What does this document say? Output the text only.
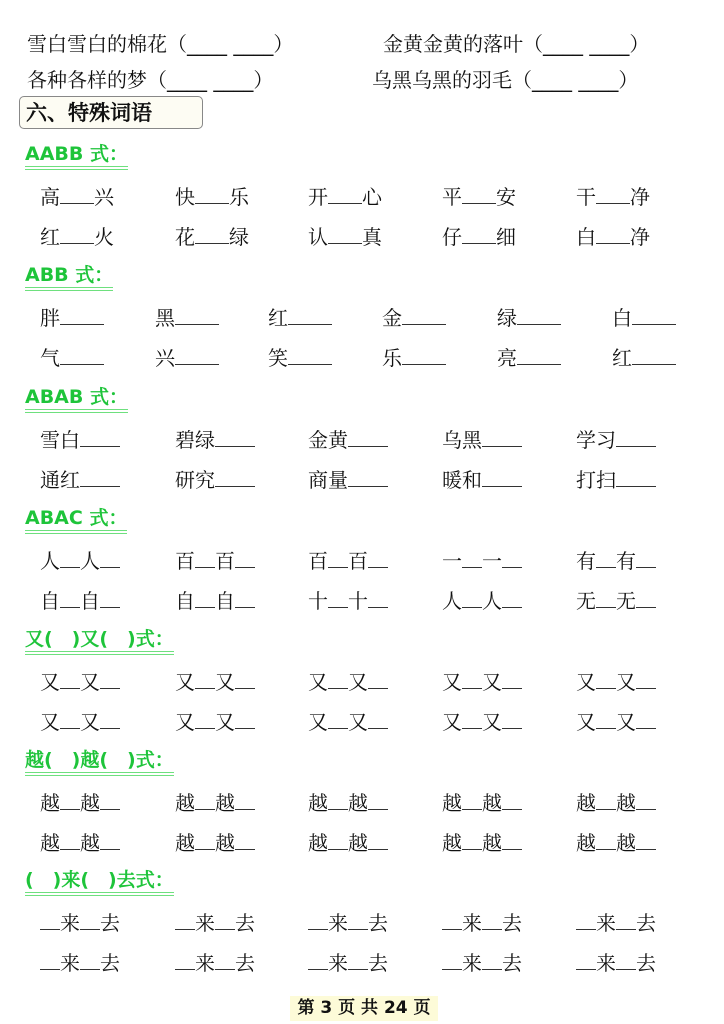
雪白雪白的棉花（____ ____）	金黄金黄的落叶（____ ____）
各种各样的梦（____ ____）	乌黑乌黑的羽毛（____ ____）
六、特殊词语
AABB 式：
高 兴	快 乐	开 心	平 安	干 净
红 火	花 绿	认 真	仔 细	白 净
ABB 式：
胖	黑	红	金	绿	白
气	兴	笑	乐	亮	红
ABAB 式：
雪白	碧绿	金黄	乌黑	学习
通红	研究	商量	暖和	打扫
ABAC 式：
人 人	百 百	百 百	一 一	有 有
自 自	自 自	十 十	人 人	无 无
又(　)又(　)式：
又 又	又 又	又 又	又 又	又 又
又 又	又 又	又 又	又 又	又 又
越(　)越(　)式：
越 越	越 越	越 越	越 越	越 越
越 越	越 越	越 越	越 越	越 越
(　)来(　)去式：
来 去	来 去	来 去	来 去	来 去
来 去	来 去	来 去	来 去	来 去
第 3 页 共 24 页
